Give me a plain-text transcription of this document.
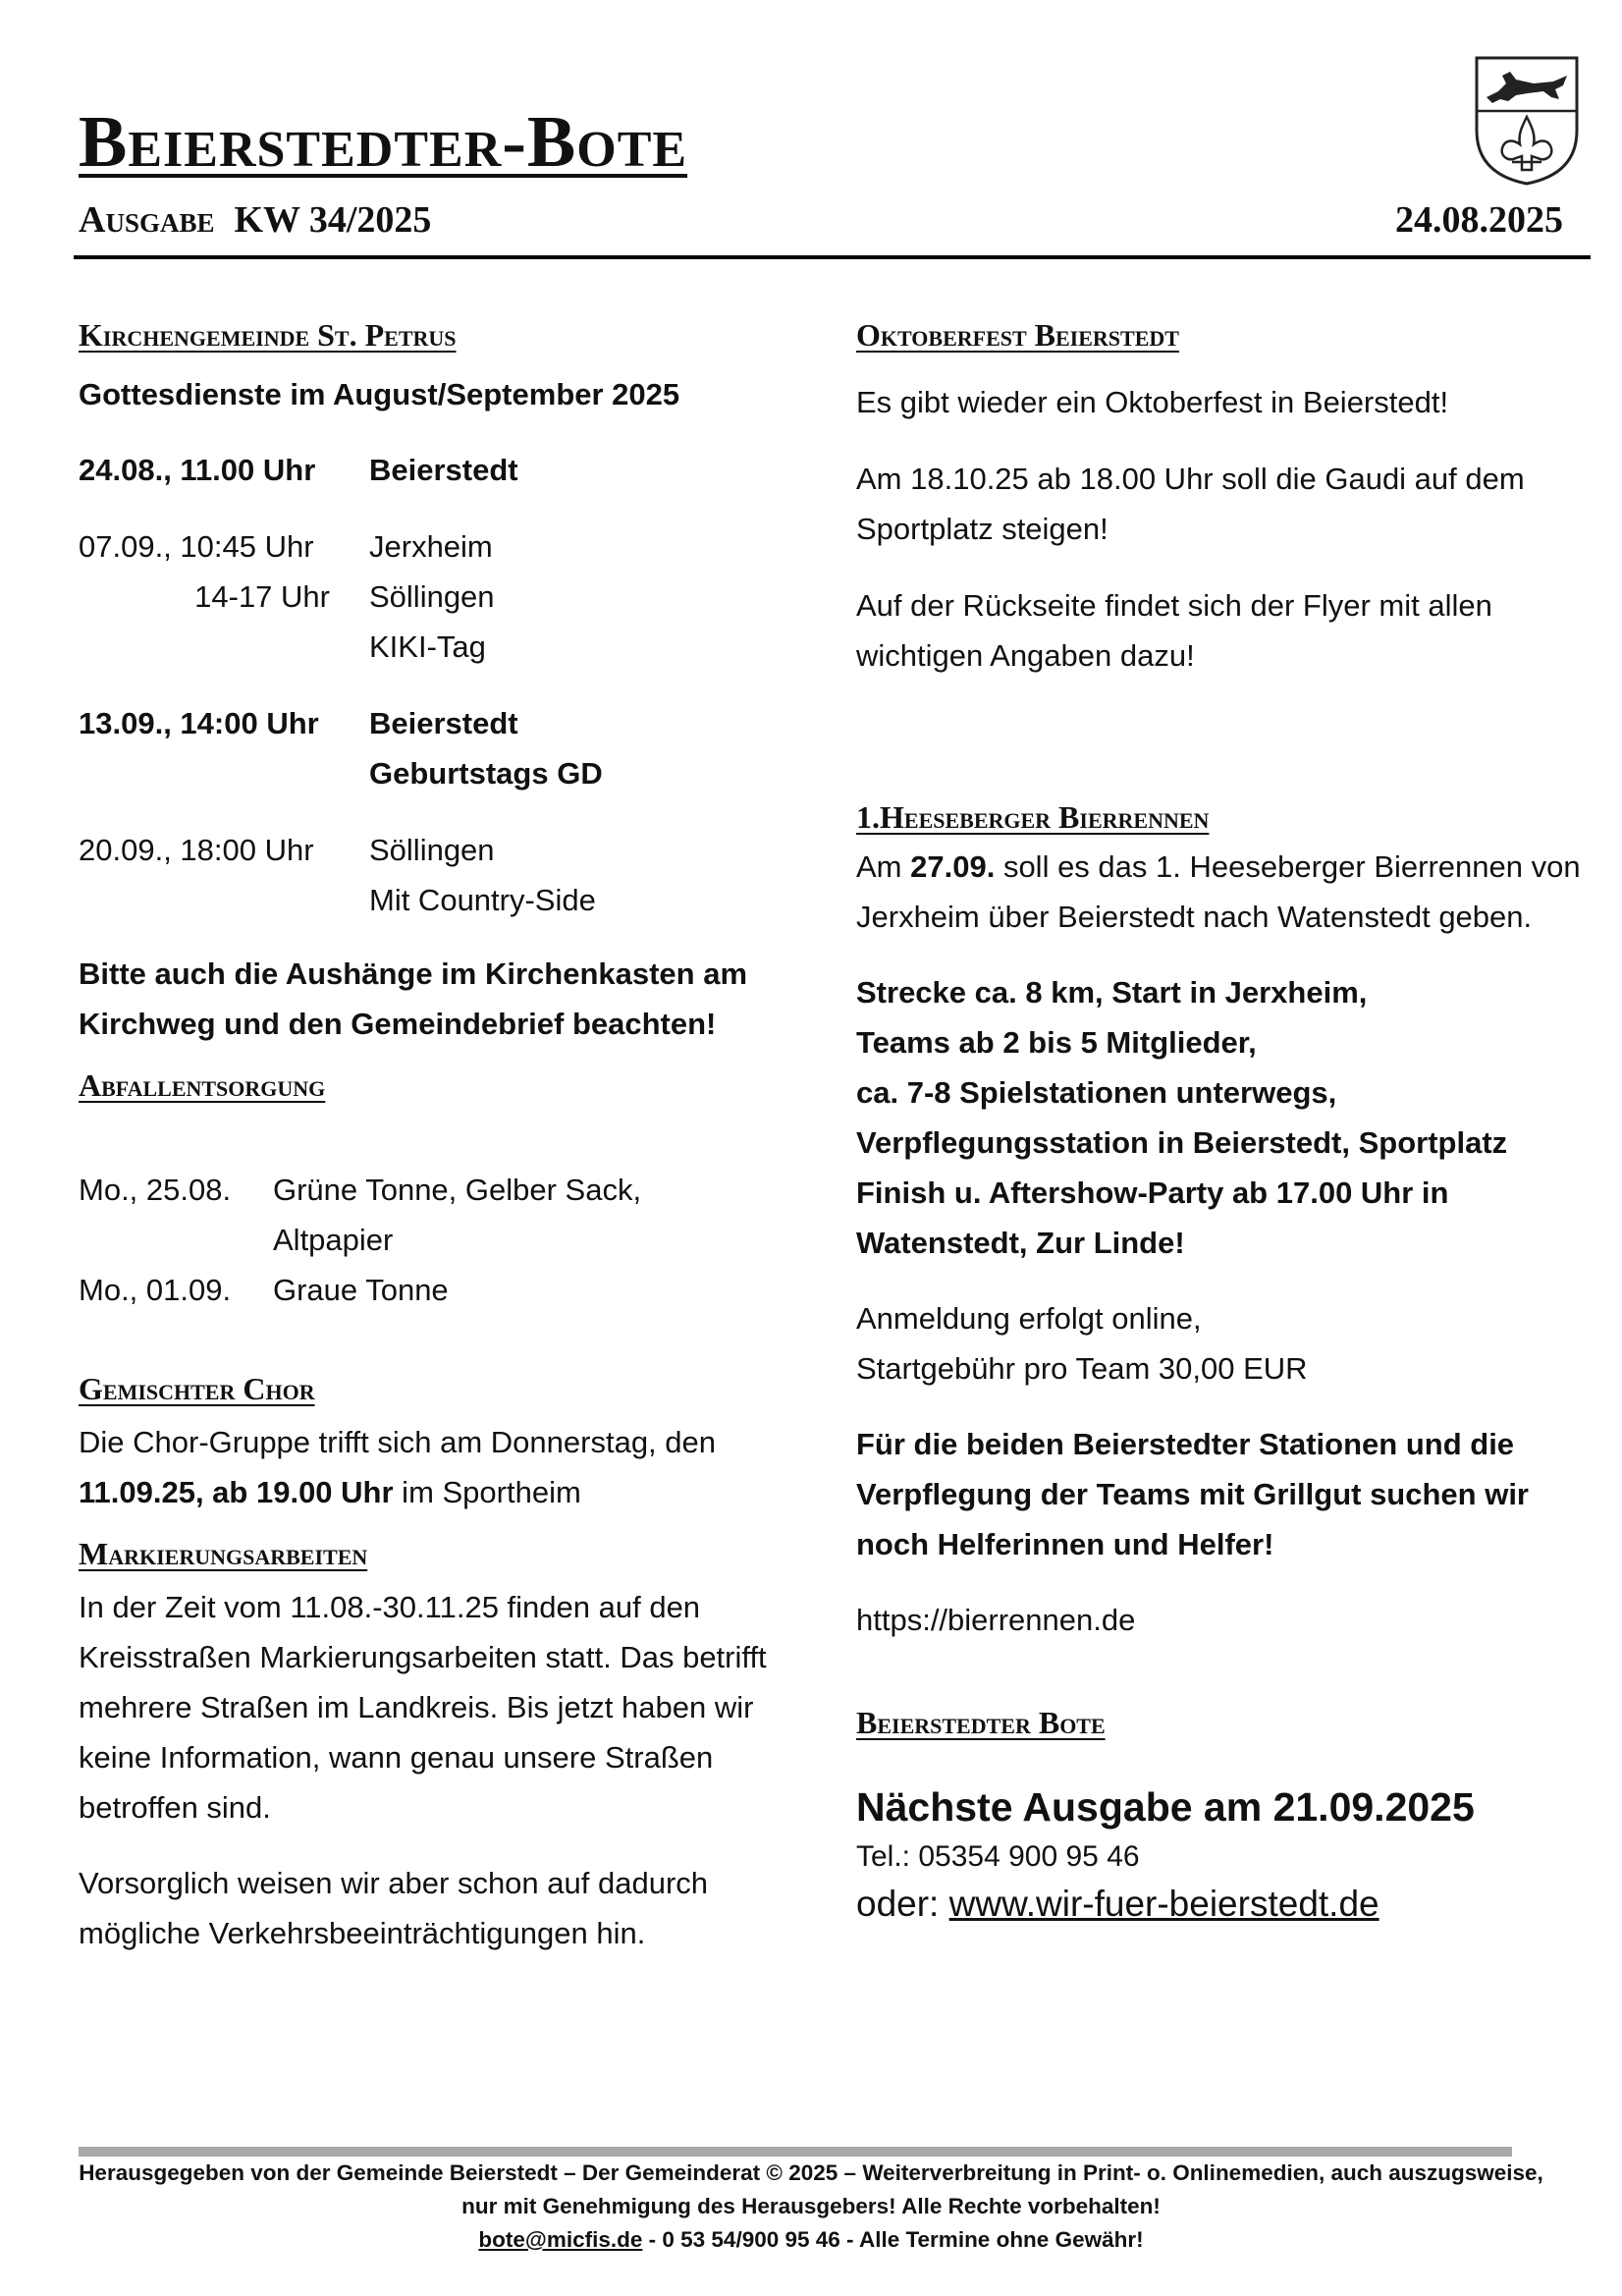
Beierstedter-Bote
Ausgabe KW 34/2025	24.08.2025
Kirchengemeinde St. Petrus

Gottesdienste im August/September 2025

24.08., 11.00 Uhr	Beierstedt
07.09., 10:45 Uhr	Jerxheim
14-17 Uhr	Söllingen
KIKI-Tag
13.09., 14:00 Uhr	Beierstedt
Geburtstags GD
20.09., 18:00 Uhr	Söllingen
Mit Country-Side

Bitte auch die Aushänge im Kirchenkasten am Kirchweg und den Gemeindebrief beachten!

Abfallentsorgung
Mo., 25.08.	Grüne Tonne, Gelber Sack,
Altpapier
Mo., 01.09.	Graue Tonne
Gemischter Chor

Die Chor-Gruppe trifft sich am Donnerstag, den
11.09.25, ab 19.00 Uhr im Sportheim

Markierungsarbeiten

In der Zeit vom 11.08.-30.11.25 finden auf den Kreisstraßen Markierungsarbeiten statt. Das betrifft mehrere Straßen im Landkreis. Bis jetzt haben wir keine Information, wann genau unsere Straßen betroffen sind.

Vorsorglich weisen wir aber schon auf dadurch mögliche Verkehrsbeeinträchtigungen hin.

Oktoberfest Beierstedt

Es gibt wieder ein Oktoberfest in Beierstedt!

Am 18.10.25 ab 18.00 Uhr soll die Gaudi auf dem Sportplatz steigen!

Auf der Rückseite findet sich der Flyer mit allen wichtigen Angaben dazu!

1.Heeseberger Bierrennen

Am 27.09. soll es das 1. Heeseberger Bierrennen von Jerxheim über Beierstedt nach Watenstedt geben.

Strecke ca. 8 km, Start in Jerxheim,

Teams ab 2 bis 5 Mitglieder,

ca. 7-8 Spielstationen unterwegs,

Verpflegungsstation in Beierstedt, Sportplatz

Finish u. Aftershow-Party ab 17.00 Uhr in

Watenstedt, Zur Linde!

Anmeldung erfolgt online,

Startgebühr pro Team 30,00 EUR

Für die beiden Beierstedter Stationen und die Verpflegung der Teams mit Grillgut suchen wir noch Helferinnen und Helfer!

https://bierrennen.de

Beierstedter Bote

Nächste Ausgabe am 21.09.2025

Tel.: 05354 900 95 46

oder: www.wir-fuer-beierstedt.de

Herausgegeben von der Gemeinde Beierstedt – Der Gemeinderat © 2025 – Weiterverbreitung in Print- o. Onlinemedien, auch auszugsweise, nur mit Genehmigung des Herausgebers! Alle Rechte vorbehalten!
bote@micfis.de - 0 53 54/900 95 46 - Alle Termine ohne Gewähr!
